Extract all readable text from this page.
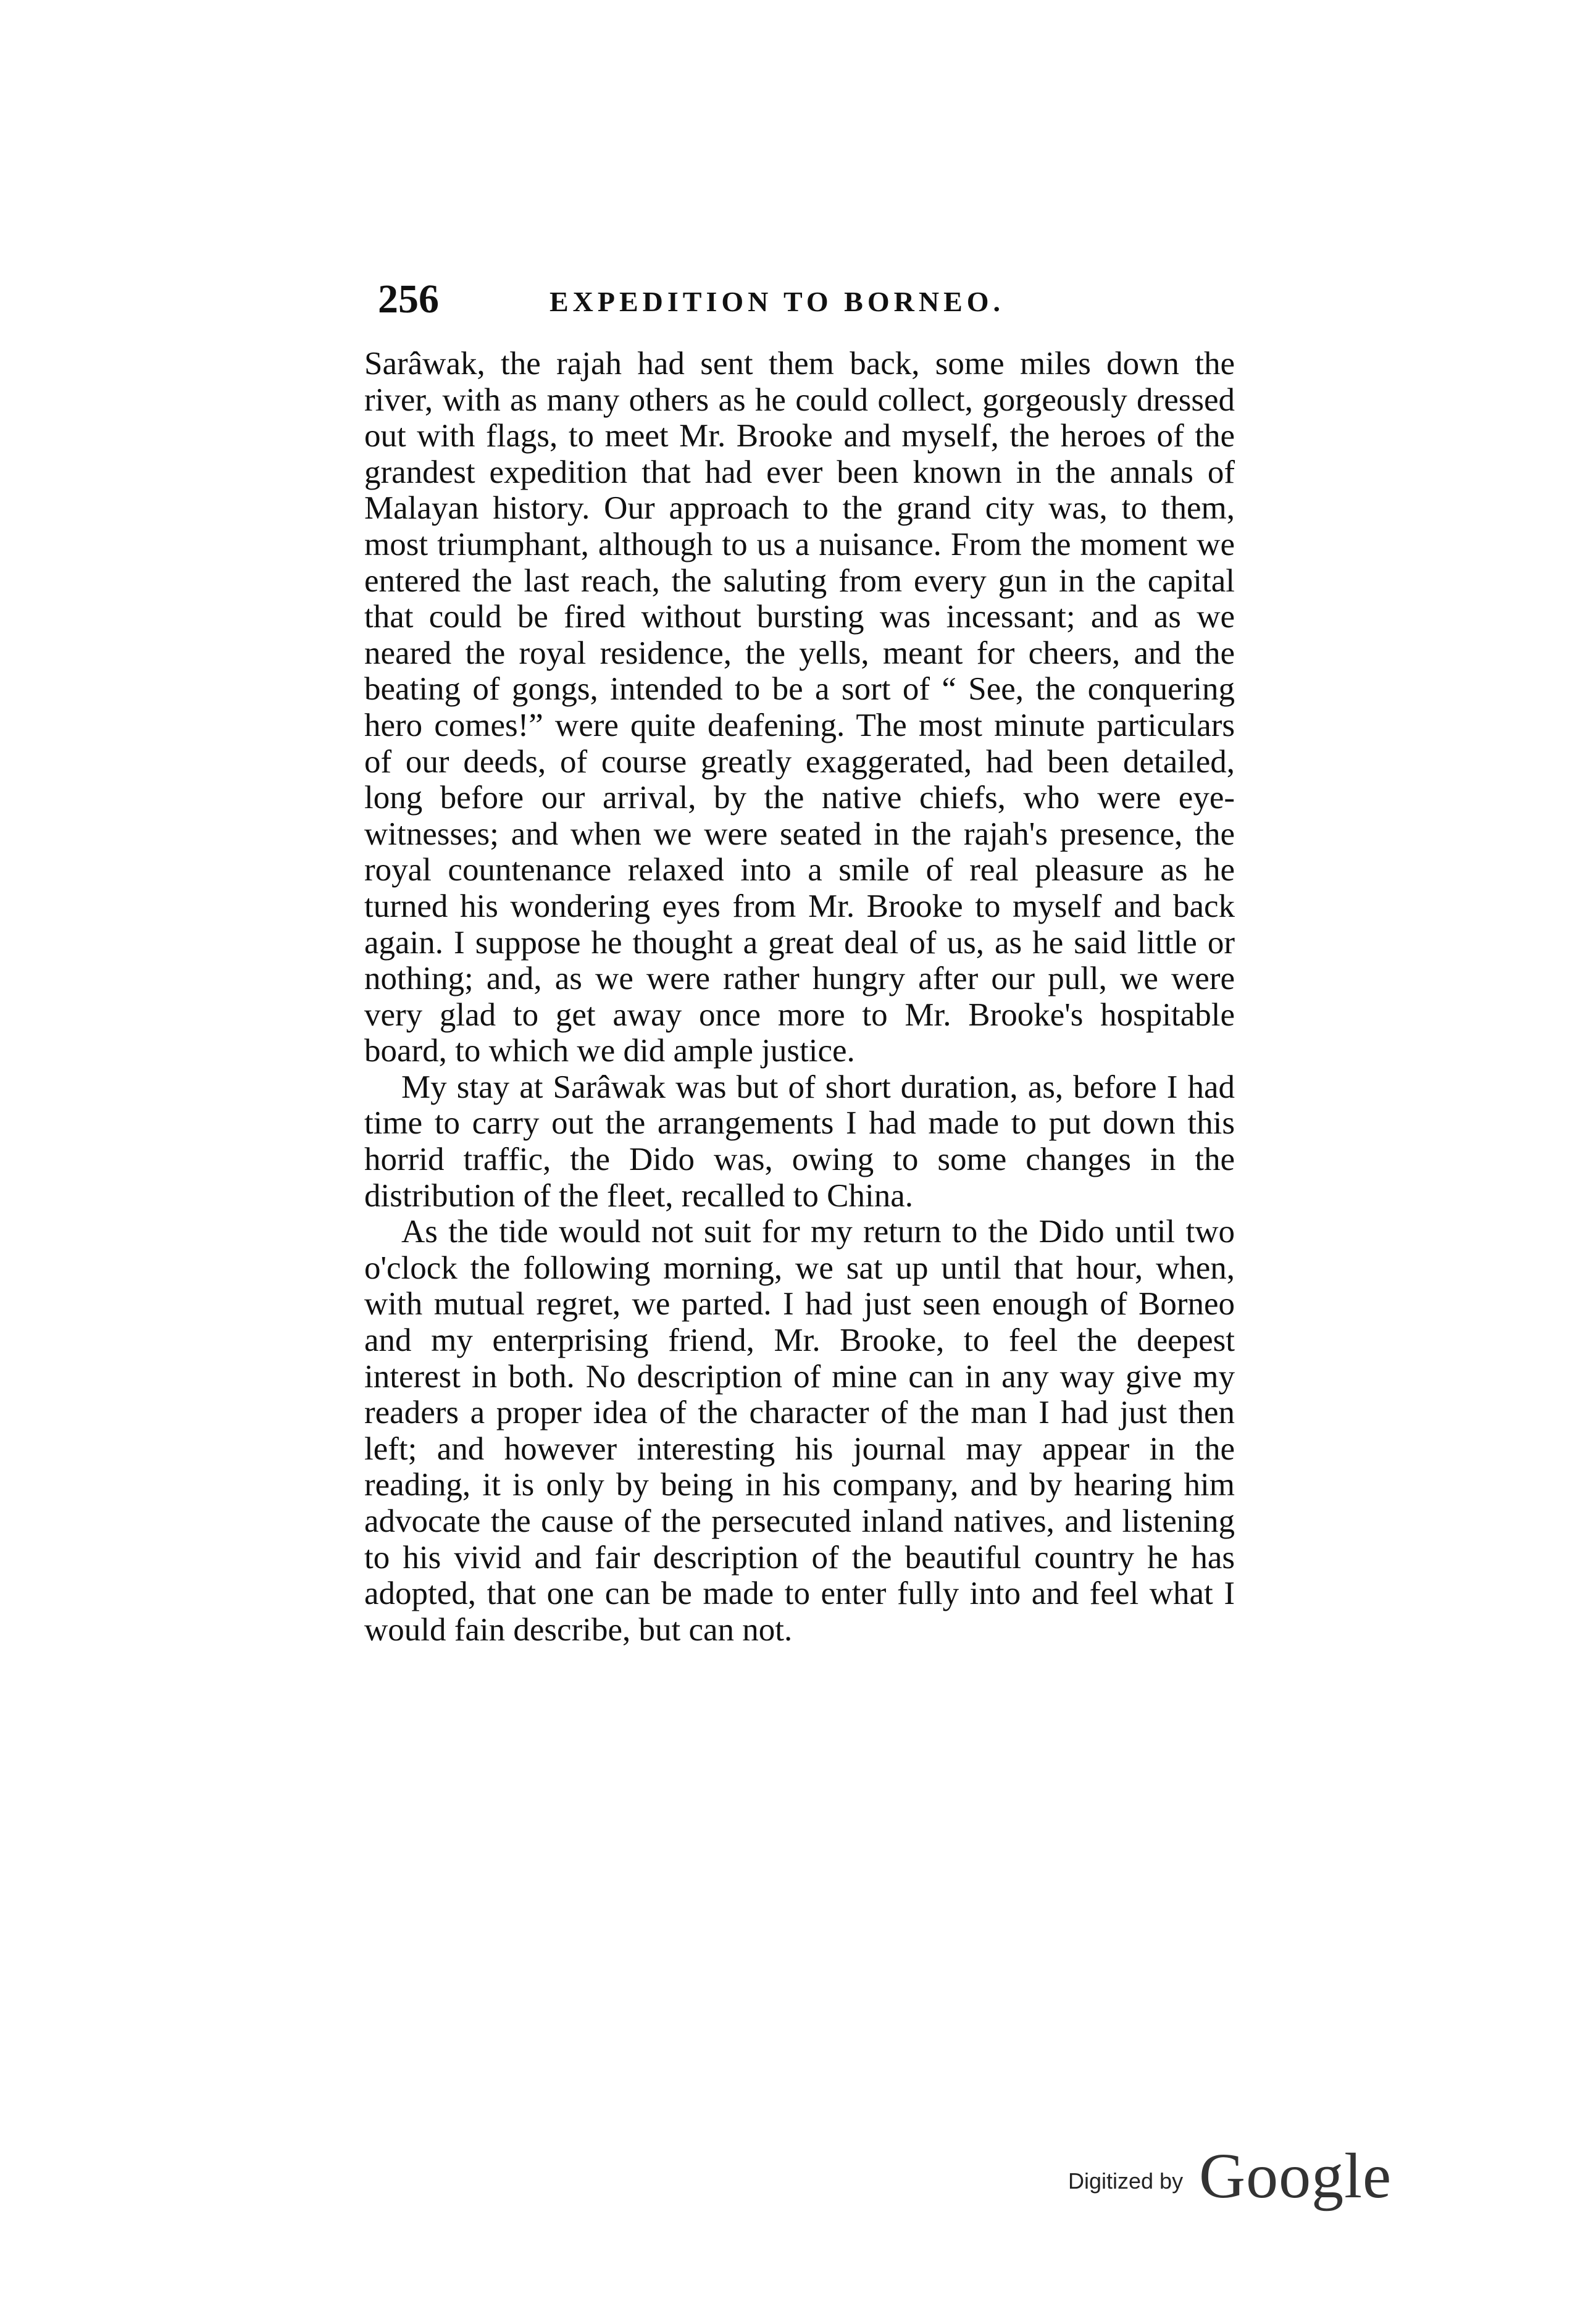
256	EXPEDITION TO BORNEO.

Sarâwak, the rajah had sent them back, some miles down the river, with as many others as he could collect, gorgeously dressed out with flags, to meet Mr. Brooke and myself, the heroes of the grandest expedition that had ever been known in the annals of Malayan history. Our approach to the grand city was, to them, most triumphant, although to us a nuisance. From the moment we entered the last reach, the saluting from every gun in the capital that could be fired without bursting was incessant; and as we neared the royal residence, the yells, meant for cheers, and the beating of gongs, intended to be a sort of “ See, the conquering hero comes!” were quite deafening. The most minute particulars of our deeds, of course greatly exaggerated, had been detailed, long before our arrival, by the native chiefs, who were eye-witnesses; and when we were seated in the rajah's presence, the royal countenance relaxed into a smile of real pleasure as he turned his wondering eyes from Mr. Brooke to myself and back again. I suppose he thought a great deal of us, as he said little or nothing; and, as we were rather hungry after our pull, we were very glad to get away once more to Mr. Brooke's hospitable board, to which we did ample justice.

My stay at Sarâwak was but of short duration, as, before I had time to carry out the arrangements I had made to put down this horrid traffic, the Dido was, owing to some changes in the distribution of the fleet, recalled to China.

As the tide would not suit for my return to the Dido until two o'clock the following morning, we sat up until that hour, when, with mutual regret, we parted. I had just seen enough of Borneo and my enterprising friend, Mr. Brooke, to feel the deepest interest in both. No description of mine can in any way give my readers a proper idea of the character of the man I had just then left; and however interesting his journal may appear in the reading, it is only by being in his company, and by hearing him advocate the cause of the persecuted inland natives, and listening to his vivid and fair description of the beautiful country he has adopted, that one can be made to enter fully into and feel what I would fain describe, but can not.

Digitized by Google
